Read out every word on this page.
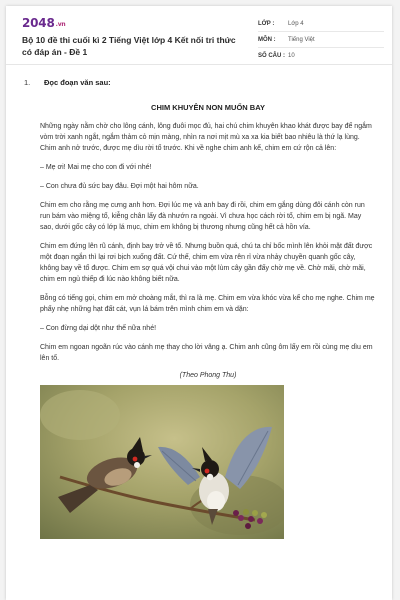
2048.vn
Bộ 10 đề thi cuối kì 2 Tiếng Việt lớp 4 Kết nối tri thức có đáp án - Đề 1
LỚP :	Lớp 4
MÔN :	Tiếng Việt
SỐ CÂU : 10
1. Đọc đoạn văn sau:
CHIM KHUYÊN NON MUỐN BAY

Những ngày nằm chờ cho lông cánh, lông đuôi mọc đủ, hai chú chim khuyên khao khát được bay để ngắm vòm trời xanh ngắt, ngắm thảm cỏ mịn màng, nhìn ra nơi mịt mù xa xa kia biết bao nhiêu là thứ lạ lùng. Chim anh nở trước, được mẹ dìu rời tổ trước. Khi về nghe chim anh kể, chim em cứ rộn cả lên:

– Mẹ ơi! Mai mẹ cho con đi với nhé!

– Con chưa đủ sức bay đâu. Đợi một hai hôm nữa.

Chim em cho rằng mẹ cưng anh hơn. Đợi lúc mẹ và anh bay đi rồi, chim em gắng dùng đôi cánh còn run run bám vào miệng tổ, kiễng chân lấy đà nhướn ra ngoài. Vì chưa học cách rời tổ, chim em bị ngã. May sao, dưới gốc cây có lớp lá mục, chim em không bị thương nhưng cũng hết cả hồn vía.

Chim em đứng lên rũ cánh, định bay trở về tổ. Nhưng buồn quá, chú ta chỉ bốc mình lên khỏi mặt đất được một đoạn ngắn thì lại rơi bịch xuống đất. Cứ thế, chim em vừa rên rỉ vừa nhảy chuyền quanh gốc cây, không bay về tổ được. Chim em sợ quá vội chui vào một lùm cây gần đấy chờ mẹ về. Chờ mãi, chờ mãi, chim em ngủ thiếp đi lúc nào không biết nữa.

Bỗng có tiếng gọi, chim em mở choàng mắt, thì ra là mẹ. Chim em vừa khóc vừa kể cho mẹ nghe. Chim mẹ phẩy nhẹ những hạt đất cát, vụn lá bám trên mình chim em và dặn:

– Con đừng dại dột như thế nữa nhé!

Chim em ngoan ngoãn rúc vào cánh mẹ thay cho lời vâng ạ. Chim anh cũng ôm lấy em rồi cùng mẹ dìu em lên tổ.

(Theo Phong Thu)
